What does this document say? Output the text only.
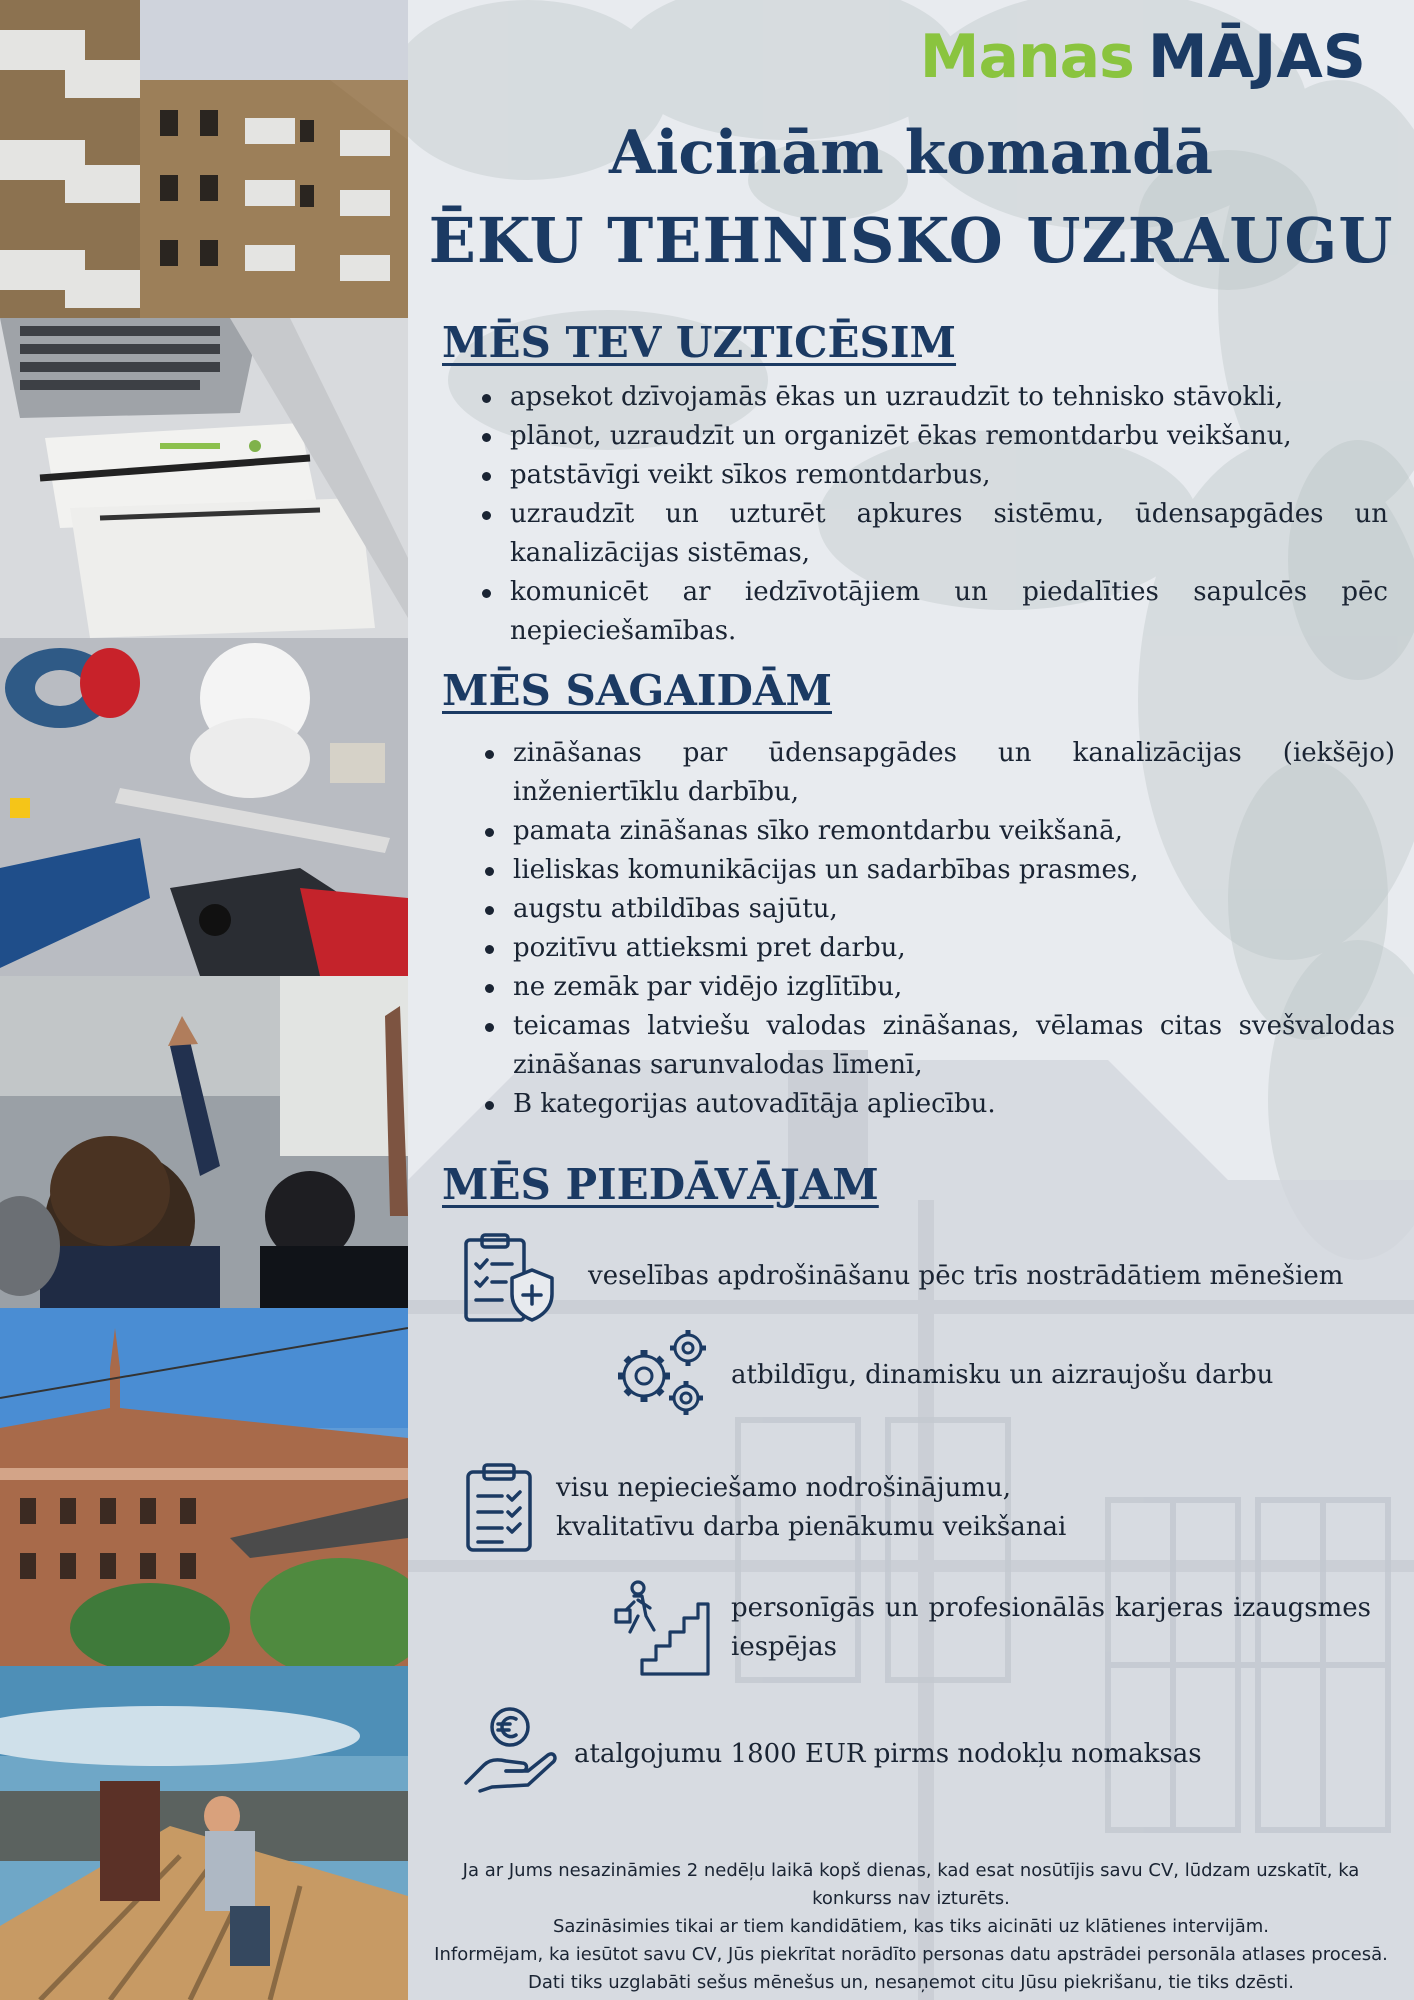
Manas MĀJAS
Aicinām komandā
ĒKU TEHNISKO UZRAUGU
MĒS TEV UZTICĒSIM
apsekot dzīvojamās ēkas un uzraudzīt to tehnisko stāvokli,
plānot, uzraudzīt un organizēt ēkas remontdarbu veikšanu,
patstāvīgi veikt sīkos remontdarbus,
uzraudzīt un uzturēt apkures sistēmu, ūdensapgādes un kanalizācijas sistēmas,
komunicēt ar iedzīvotājiem un piedalīties sapulcēs pēc nepieciešamības.
MĒS SAGAIDĀM
zināšanas par ūdensapgādes un kanalizācijas (iekšējo) inženiertīklu darbību,
pamata zināšanas sīko remontdarbu veikšanā,
lieliskas komunikācijas un sadarbības prasmes,
augstu atbildības sajūtu,
pozitīvu attieksmi pret darbu,
ne zemāk par vidējo izglītību,
teicamas latviešu valodas zināšanas, vēlamas citas svešvalodas zināšanas sarunvalodas līmenī,
B kategorijas autovadītāja apliecību.
MĒS PIEDĀVĀJAM
veselības apdrošināšanu pēc trīs nostrādātiem mēnešiem
atbildīgu, dinamisku un aizraujošu darbu
visu nepieciešamo nodrošinājumu, kvalitatīvu darba pienākumu veikšanai
personīgās un profesionālās karjeras izaugsmes iespējas
atalgojumu 1800 EUR pirms nodokļu nomaksas
Ja ar Jums nesazināmies 2 nedēļu laikā kopš dienas, kad esat nosūtījis savu CV, lūdzam uzskatīt, ka
konkurss nav izturēts.
Sazināsimies tikai ar tiem kandidātiem, kas tiks aicināti uz klātienes intervijām.
Informējam, ka iesūtot savu CV, Jūs piekrītat norādīto personas datu apstrādei personāla atlases procesā.
Dati tiks uzglabāti sešus mēnešus un, nesaņemot citu Jūsu piekrišanu, tie tiks dzēsti.
